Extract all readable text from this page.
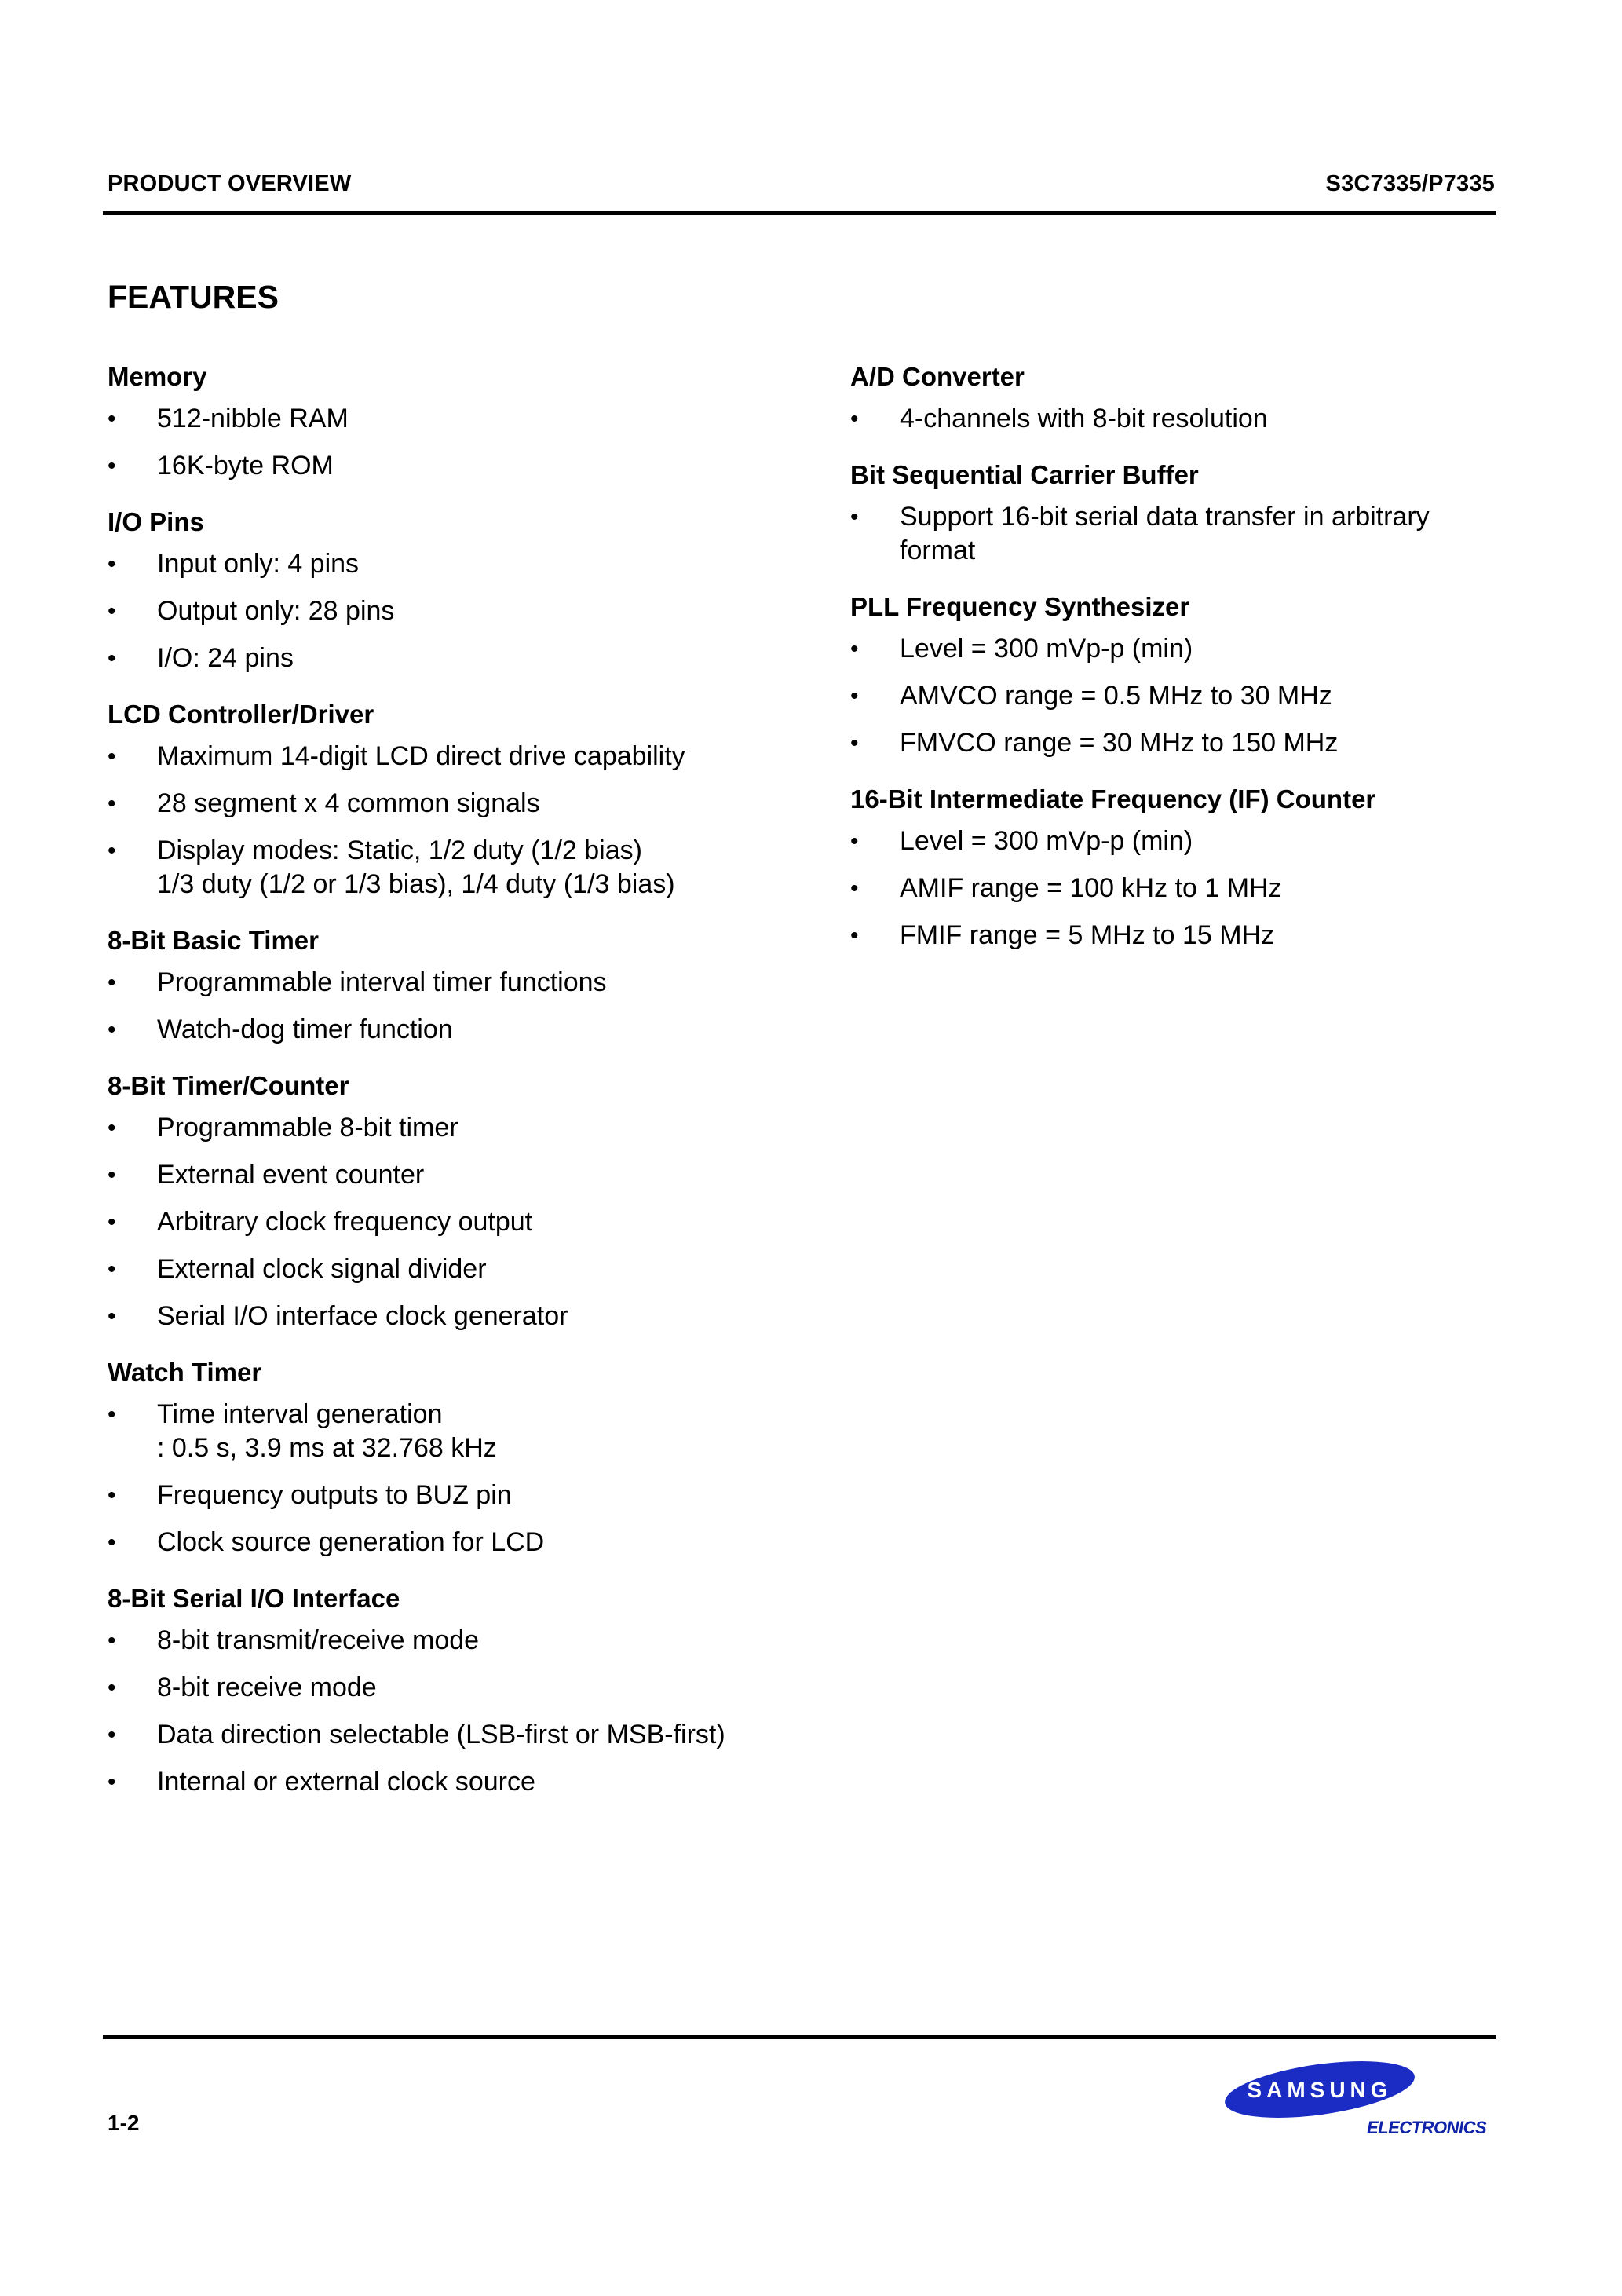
PRODUCT OVERVIEW	S3C7335/P7335
FEATURES
Memory
• 512-nibble RAM
• 16K-byte ROM
I/O Pins
• Input only: 4 pins
• Output only: 28 pins
• I/O: 24 pins
LCD Controller/Driver
• Maximum 14-digit LCD direct drive capability
• 28 segment x 4 common signals
• Display modes: Static, 1/2 duty (1/2 bias)
1/3 duty (1/2 or 1/3 bias), 1/4 duty (1/3 bias)
8-Bit Basic Timer
• Programmable interval timer functions
• Watch-dog timer function
8-Bit Timer/Counter
• Programmable 8-bit timer
• External event counter
• Arbitrary clock frequency output
• External clock signal divider
• Serial I/O interface clock generator
Watch Timer
• Time interval generation
: 0.5 s, 3.9 ms at 32.768 kHz
• Frequency outputs to BUZ pin
• Clock source generation for LCD
8-Bit Serial I/O Interface
• 8-bit transmit/receive mode
• 8-bit receive mode
• Data direction selectable (LSB-first or MSB-first)
• Internal or external clock source
A/D Converter
• 4-channels with 8-bit resolution
Bit Sequential Carrier Buffer
• Support 16-bit serial data transfer in arbitrary
format
PLL Frequency Synthesizer
• Level = 300 mVp-p (min)
• AMVCO range = 0.5 MHz to 30 MHz
• FMVCO range = 30 MHz to 150 MHz
16-Bit Intermediate Frequency (IF) Counter
• Level = 300 mVp-p (min)
• AMIF range = 100 kHz to 1 MHz
• FMIF range = 5 MHz to 15 MHz
1-2
SAMSUNG
ELECTRONICS
